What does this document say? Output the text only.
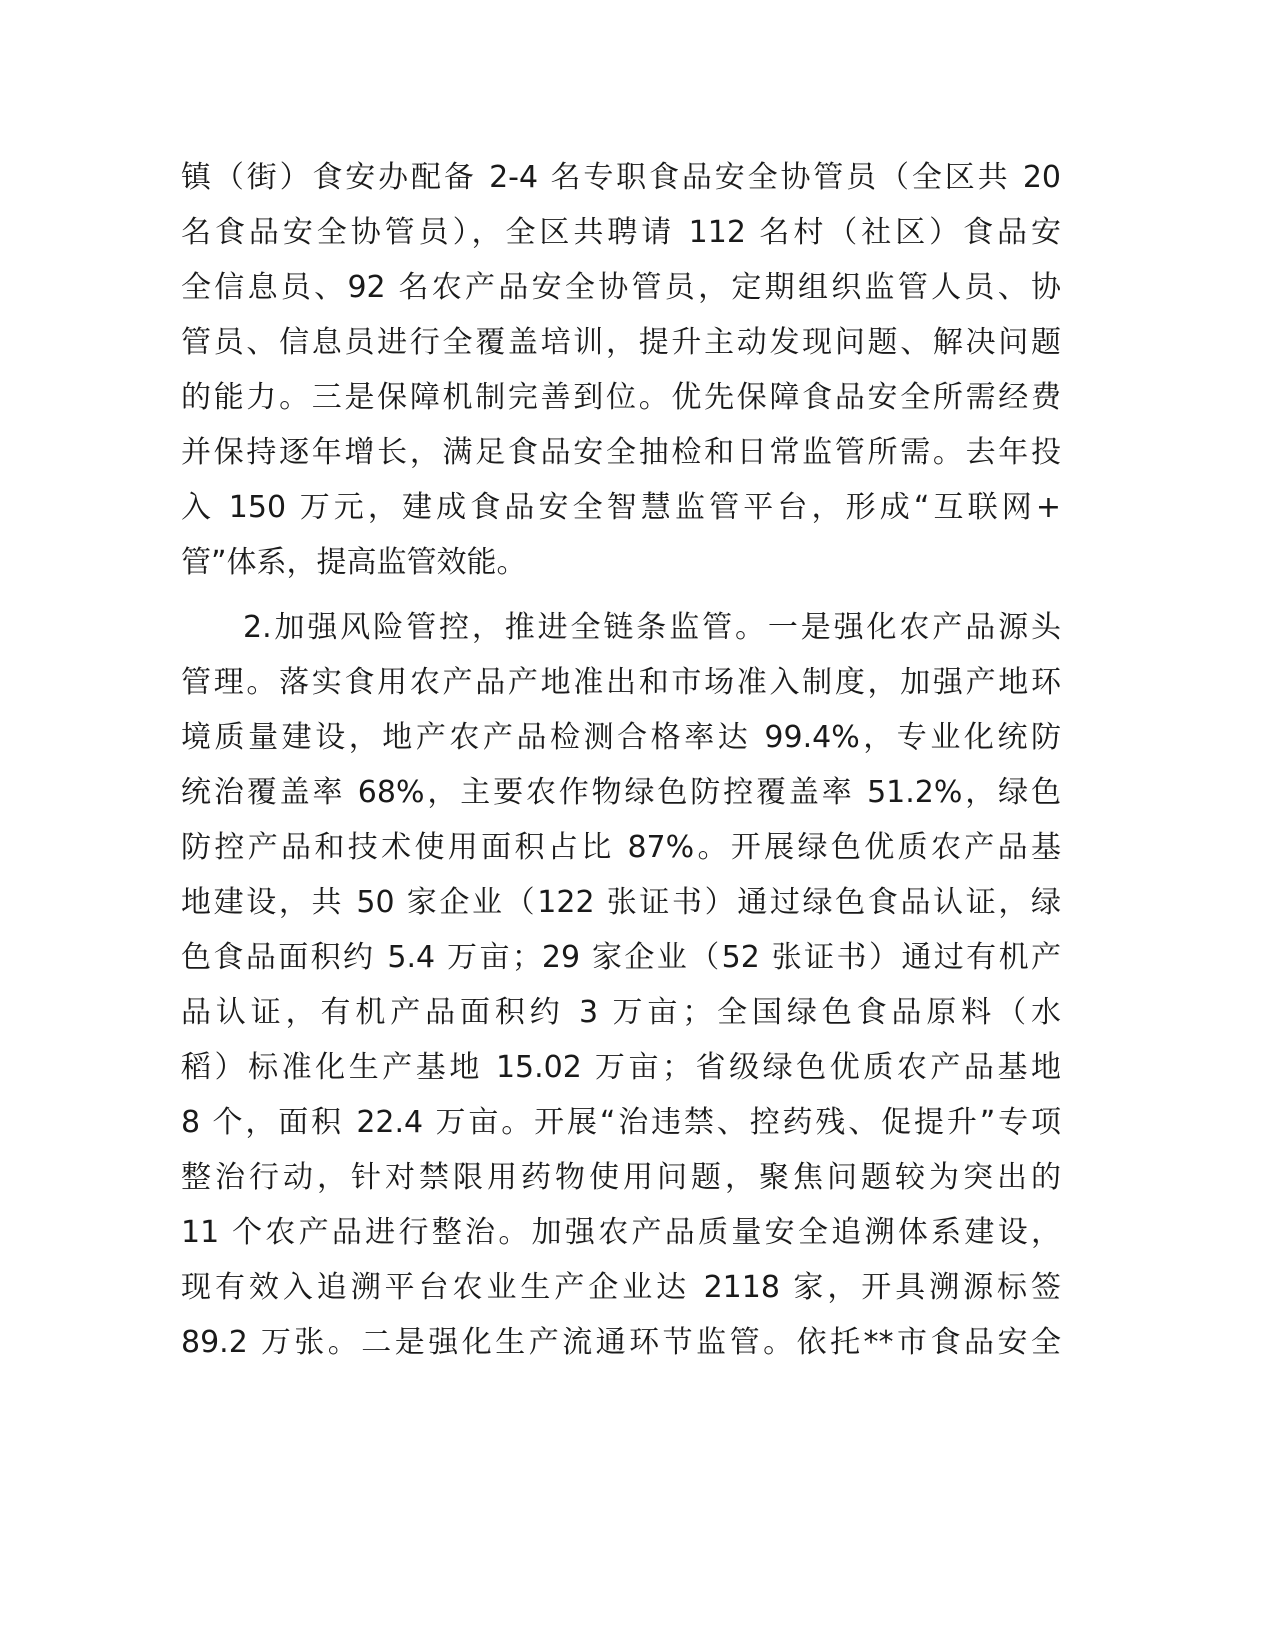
镇（街）食安办配备 2-4 名专职食品安全协管员（全区共 20
名食品安全协管员），全区共聘请 112 名村（社区）食品安
全信息员、92 名农产品安全协管员，定期组织监管人员、协
管员、信息员进行全覆盖培训，提升主动发现问题、解决问题
的能力。三是保障机制完善到位。优先保障食品安全所需经费
并保持逐年增长，满足食品安全抽检和日常监管所需。去年投
入 150 万元，建成食品安全智慧监管平台，形成“互联网+
管”体系，提高监管效能。
2.加强风险管控，推进全链条监管。一是强化农产品源头
管理。落实食用农产品产地准出和市场准入制度，加强产地环
境质量建设，地产农产品检测合格率达 99.4%，专业化统防
统治覆盖率 68%，主要农作物绿色防控覆盖率 51.2%，绿色
防控产品和技术使用面积占比 87%。开展绿色优质农产品基
地建设，共 50 家企业（122 张证书）通过绿色食品认证，绿
色食品面积约 5.4 万亩；29 家企业（52 张证书）通过有机产
品认证，有机产品面积约 3 万亩；全国绿色食品原料（水
稻）标准化生产基地 15.02 万亩；省级绿色优质农产品基地
8 个，面积 22.4 万亩。开展“治违禁、控药残、促提升”专项
整治行动，针对禁限用药物使用问题，聚焦问题较为突出的
11 个农产品进行整治。加强农产品质量安全追溯体系建设，
现有效入追溯平台农业生产企业达 2118 家，开具溯源标签
89.2 万张。二是强化生产流通环节监管。依托**市食品安全
